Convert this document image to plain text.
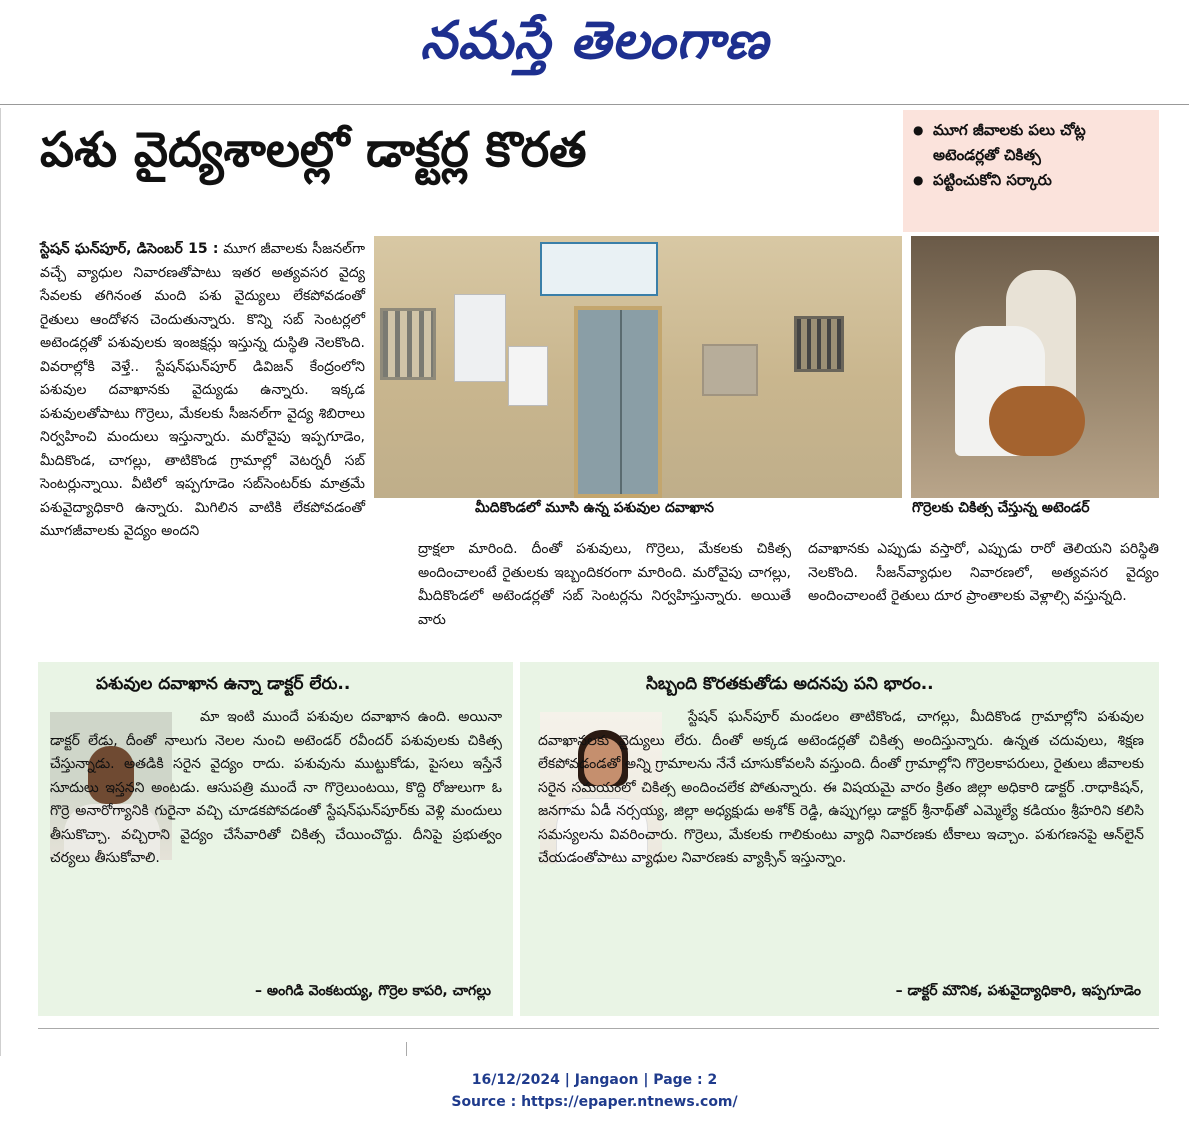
నమస్తే తెలంగాణ
పశు వైద్యశాలల్లో డాక్టర్ల కొరత
●	మూగ జీవాలకు పలు చోట్ల అటెండర్లతో చికిత్స
● పట్టించుకోని సర్కారు
స్టేషన్ ఘన్‌పూర్, డిసెంబర్ 15 : మూగ జీవాలకు సీజనల్‌గా వచ్చే వ్యాధుల నివారణతోపాటు ఇతర అత్యవసర వైద్య సేవలకు తగినంత మంది పశు వైద్యులు లేకపోవడంతో రైతులు ఆందోళన చెందుతున్నారు. కొన్ని సబ్ సెంటర్లలో అటెండర్లతో పశువులకు ఇంజక్షన్లు ఇస్తున్న దుస్థితి నెలకొంది. వివరాల్లోకి వెళ్తే.. స్టేషన్‌ఘన్‌పూర్ డివిజన్ కేంద్రంలోని పశువుల దవాఖానకు వైద్యుడు ఉన్నారు. ఇక్కడ పశువులతోపాటు గొర్రెలు, మేకలకు సీజనల్‌గా వైద్య శిబిరాలు నిర్వహించి మందులు ఇస్తున్నారు. మరోవైపు ఇప్పగూడెం, మీదికొండ, చాగల్లు, తాటికొండ గ్రామాల్లో వెటర్నరీ సబ్ సెంటర్లున్నాయి. వీటిలో ఇప్పగూడెం సబ్‌సెంటర్‌కు మాత్రమే పశువైద్యాధికారి ఉన్నారు. మిగిలిన వాటికి లేకపోవడంతో మూగజీవాలకు వైద్యం అందని
మీదికొండలో మూసి ఉన్న పశువుల దవాఖాన	గొర్రెలకు చికిత్స చేస్తున్న అటెండర్
ద్రాక్షలా మారింది. దీంతో పశువులు, గొర్రెలు, మేకలకు చికిత్స అందించాలంటే రైతులకు ఇబ్బందికరంగా మారింది. మరోవైపు చాగల్లు, మీదికొండలో అటెండర్లతో సబ్ సెంటర్లను నిర్వహిస్తున్నారు. అయితే వారు
దవాఖానకు ఎప్పుడు వస్తారో, ఎప్పుడు రారో తెలియని పరిస్థితి నెలకొంది. సీజన్‌వ్యాధుల నివారణలో, అత్యవసర వైద్యం అందించాలంటే రైతులు దూర ప్రాంతాలకు వెళ్లాల్సి వస్తున్నది.
పశువుల దవాఖాన ఉన్నా డాక్టర్ లేరు..
మా ఇంటి ముందే పశువుల దవాఖాన ఉంది. అయినా డాక్టర్ లేడు, దీంతో నాలుగు నెలల నుంచి అటెండర్ రవీందర్ పశువులకు చికిత్స చేస్తున్నాడు. అతడికి సరైన వైద్యం రాదు. పశువును ముట్టుకోడు, పైసలు ఇస్తేనే సూదులు ఇస్తనని అంటడు. ఆసుపత్రి ముందే నా గొర్రెలుంటయి, కొద్ది రోజులుగా ఓ గొర్రె అనారోగ్యానికి గురైనా వచ్చి చూడకపోవడంతో స్టేషన్‌ఘన్‌పూర్‌కు వెళ్లి మందులు తీసుకొచ్చా. వచ్చిరాని వైద్యం చేసేవారితో చికిత్స చేయించొద్దు. దీనిపై ప్రభుత్వం చర్యలు తీసుకోవాలి.
– అంగిడి వెంకటయ్య, గొర్రెల కాపరి, చాగల్లు
సిబ్బంది కొరతకుతోడు అదనపు పని భారం..
స్టేషన్ ఘన్‌పూర్ మండలం తాటికొండ, చాగల్లు, మీదికొండ గ్రామాల్లోని పశువుల దవాఖానలకు వైద్యులు లేరు. దీంతో అక్కడ అటెండర్లతో చికిత్స అందిస్తున్నారు. ఉన్నత చదువులు, శిక్షణ లేకపోవడండతో అన్ని గ్రామాలను నేనే చూసుకోవలసి వస్తుంది. దీంతో గ్రామాల్లోని గొర్రెలకాపరులు, రైతులు జీవాలకు సరైన సమయంలో చికిత్స అందించలేక పోతున్నారు. ఈ విషయమై వారం క్రితం జిల్లా అధికారి డాక్టర్ .రాధాకిషన్, జనగామ ఏడీ నర్సయ్య, జిల్లా అధ్యక్షుడు అశోక్ రెడ్డి, ఉప్పుగల్లు డాక్టర్ శ్రీనాథ్‌తో ఎమ్మెల్యే కడియం శ్రీహరిని కలిసి సమస్యలను వివరించారు. గొర్రెలు, మేకలకు గాలికుంటు వ్యాధి నివారణకు టీకాలు ఇచ్చాం. పశుగణనపై ఆన్‌లైన్ చేయడంతోపాటు వ్యాధుల నివారణకు వ్యాక్సిన్ ఇస్తున్నాం.
– డాక్టర్ మౌనిక, పశువైద్యాధికారి, ఇప్పగూడెం
16/12/2024 | Jangaon | Page : 2
Source : https://epaper.ntnews.com/
